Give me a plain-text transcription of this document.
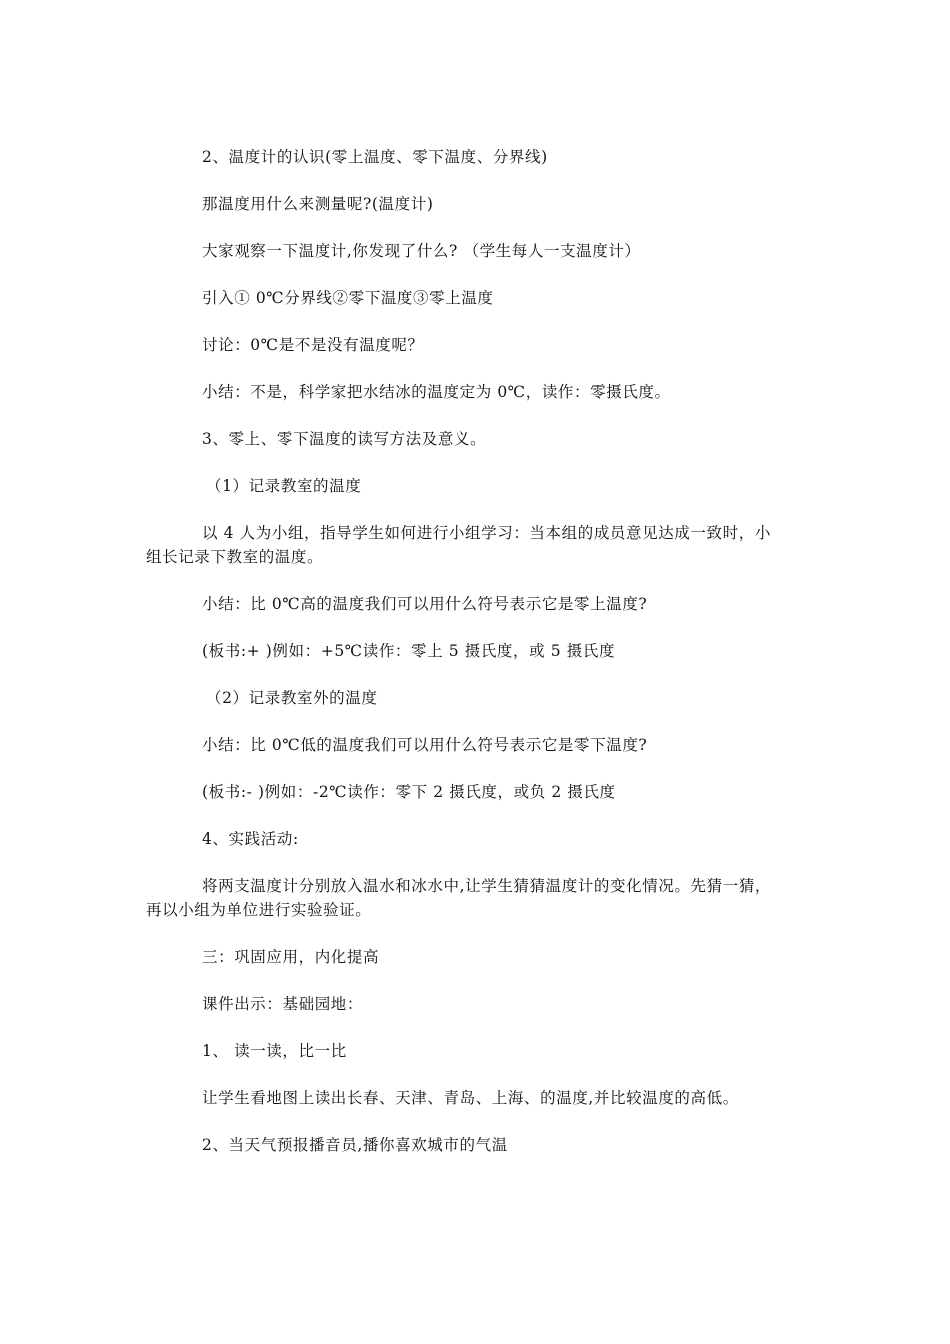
2、温度计的认识(零上温度、零下温度、分界线)

那温度用什么来测量呢?(温度计)

大家观察一下温度计,你发现了什么? （学生每人一支温度计）

引入① 0℃分界线②零下温度③零上温度

讨论：0℃是不是没有温度呢？

小结：不是，科学家把水结冰的温度定为 0℃，读作：零摄氏度。

3、零上、零下温度的读写方法及意义。

（1）记录教室的温度

以 4 人为小组，指导学生如何进行小组学习：当本组的成员意见达成一致时，小组长记录下教室的温度。

小结：比 0℃高的温度我们可以用什么符号表示它是零上温度?

(板书:+ )例如：+5℃读作：零上 5 摄氏度，或 5 摄氏度

（2）记录教室外的温度

小结：比 0℃低的温度我们可以用什么符号表示它是零下温度?

(板书:- )例如：-2℃读作：零下 2 摄氏度，或负 2 摄氏度

4、实践活动:

将两支温度计分别放入温水和冰水中,让学生猜猜温度计的变化情况。先猜一猜，再以小组为单位进行实验验证。

三：巩固应用，内化提高

课件出示：基础园地：

1、 读一读，比一比

让学生看地图上读出长春、天津、青岛、上海、的温度,并比较温度的高低。

2、当天气预报播音员,播你喜欢城市的气温
